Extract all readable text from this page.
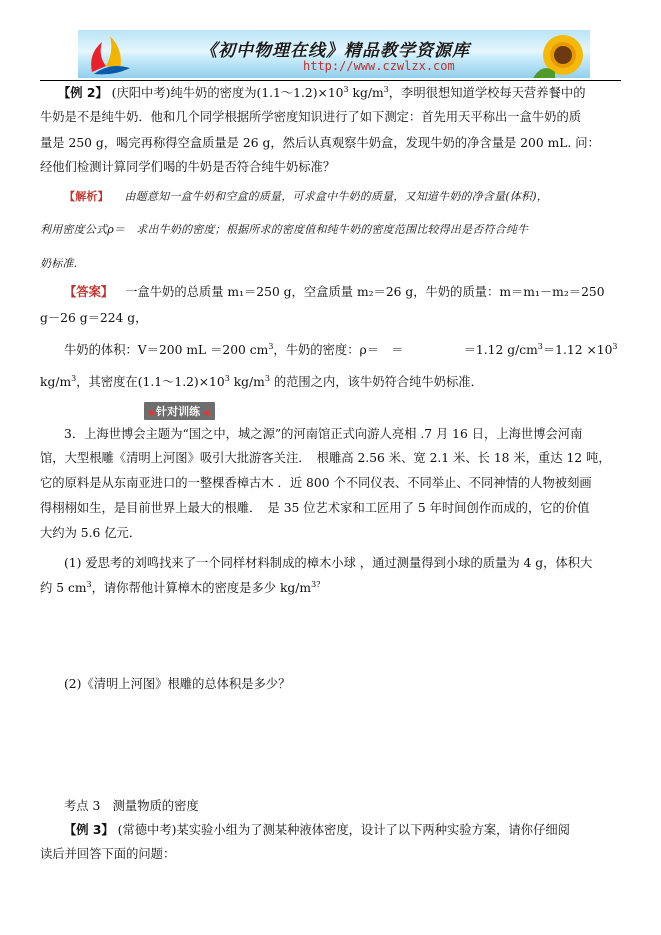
《初中物理在线》精品教学资源库
http://www.czwlzx.com
【例 2】 (庆阳中考)纯牛奶的密度为$(1.1\sim 1.2)\times 10^3$ $kg/m^3$，李明很想知道学校每天营养餐中的
牛奶是不是纯牛奶．他和几个同学根据所学密度知识进行了如下测定：首先用天平称出一盒牛奶的质
量是 250 g，喝完再称得空盒质量是 26 g，然后认真观察牛奶盒，发现牛奶的净含量是 200 mL. 问：
经他们检测计算同学们喝的牛奶是否符合纯牛奶标准？
【解析】 由题意知一盒牛奶和空盒的质量，可求盒中牛奶的质量，又知道牛奶的净含量(体积)，
利用密度公式ρ＝　求出牛奶的密度；根据所求的密度值和纯牛奶的密度范围比较得出是否符合纯牛
奶标准.
【答案】 一盒牛奶的总质量 m₁＝250 g，空盒质量 m₂＝26 g，牛奶的质量：m＝m₁－m₂＝250
g－26 g＝224 g，
牛奶的体积：V＝200 mL ＝200 $cm^3$，牛奶的密度：ρ＝　＝	＝1.12 $g/cm^3=1.12 \times 10^3$
$kg/m^3$，其密度在$(1.1\sim 1.2)\times 10^3$ $kg/m^3$ 的范围之内，该牛奶符合纯牛奶标准．
▶ 针对训练 ◀
3．上海世博会主题为“国之中，城之源”的河南馆正式向游人亮相 .7 月 16 日，上海世博会河南
馆，大型根雕《清明上河图》吸引大批游客关注．　根雕高 2.56 米、宽 2.1 米、长 18 米，重达 12 吨，
它的原料是从东南亚进口的一整棵香樟古木 ．近 800 个不同仪表、不同举止、不同神情的人物被刻画
得栩栩如生，是目前世界上最大的根雕．　是 35 位艺术家和工匠用了 5 年时间创作而成的，它的价值
大约为 5.6 亿元．
(1) 爱思考的刘鸣找来了一个同样材料制成的樟木小球 ，通过测量得到小球的质量为 4 g，体积大
约 5 $cm^3$，请你帮他计算樟木的密度是多少 $kg/m^{3?}$
(2)《清明上河图》根雕的总体积是多少？
考点 3　测量物质的密度
【例 3】 (常德中考)某实验小组为了测某种液体密度，设计了以下两种实验方案，请你仔细阅
读后并回答下面的问题：
